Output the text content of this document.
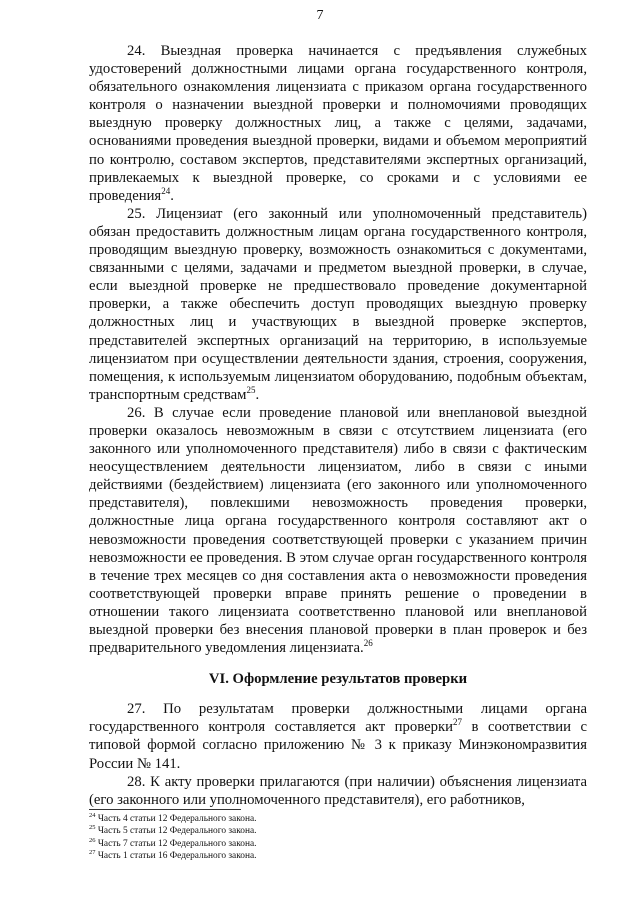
7

24. Выездная проверка начинается с предъявления служебных удостоверений должностными лицами органа государственного контроля, обязательного ознакомления лицензиата с приказом органа государственного контроля о назначении выездной проверки и полномочиями проводящих выездную проверку должностных лиц, а также с целями, задачами, основаниями проведения выездной проверки, видами и объемом мероприятий по контролю, составом экспертов, представителями экспертных организаций, привлекаемых к выездной проверке, со сроками и с условиями ее проведения$^{24}$.

25. Лицензиат (его законный или уполномоченный представитель) обязан предоставить должностным лицам органа государственного контроля, проводящим выездную проверку, возможность ознакомиться с документами, связанными с целями, задачами и предметом выездной проверки, в случае, если выездной проверке не предшествовало проведение документарной проверки, а также обеспечить доступ проводящих выездную проверку должностных лиц и участвующих в выездной проверке экспертов, представителей экспертных организаций на территорию, в используемые лицензиатом при осуществлении деятельности здания, строения, сооружения, помещения, к используемым лицензиатом оборудованию, подобным объектам, транспортным средствам$^{25}$.

26. В случае если проведение плановой или внеплановой выездной проверки оказалось невозможным в связи с отсутствием лицензиата (его законного или уполномоченного представителя) либо в связи с фактическим неосуществлением деятельности лицензиатом, либо в связи с иными действиями (бездействием) лицензиата (его законного или уполномоченного представителя), повлекшими невозможность проведения проверки, должностные лица органа государственного контроля составляют акт о невозможности проведения соответствующей проверки с указанием причин невозможности ее проведения. В этом случае орган государственного контроля в течение трех месяцев со дня составления акта о невозможности проведения соответствующей проверки вправе принять решение о проведении в отношении такого лицензиата соответственно плановой или внеплановой выездной проверки без внесения плановой проверки в план проверок и без предварительного уведомления лицензиата.$^{26}$

VI. Оформление результатов проверки

27. По результатам проверки должностными лицами органа государственного контроля составляется акт проверки$^{27}$ в соответствии с типовой формой согласно приложению № 3 к приказу Минэкономразвития России № 141.

28. К акту проверки прилагаются (при наличии) объяснения лицензиата (его законного или уполномоченного представителя), его работников,

$^{24}$ Часть 4 статьи 12 Федерального закона.

$^{25}$ Часть 5 статьи 12 Федерального закона.

$^{26}$ Часть 7 статьи 12 Федерального закона.

$^{27}$ Часть 1 статьи 16 Федерального закона.
